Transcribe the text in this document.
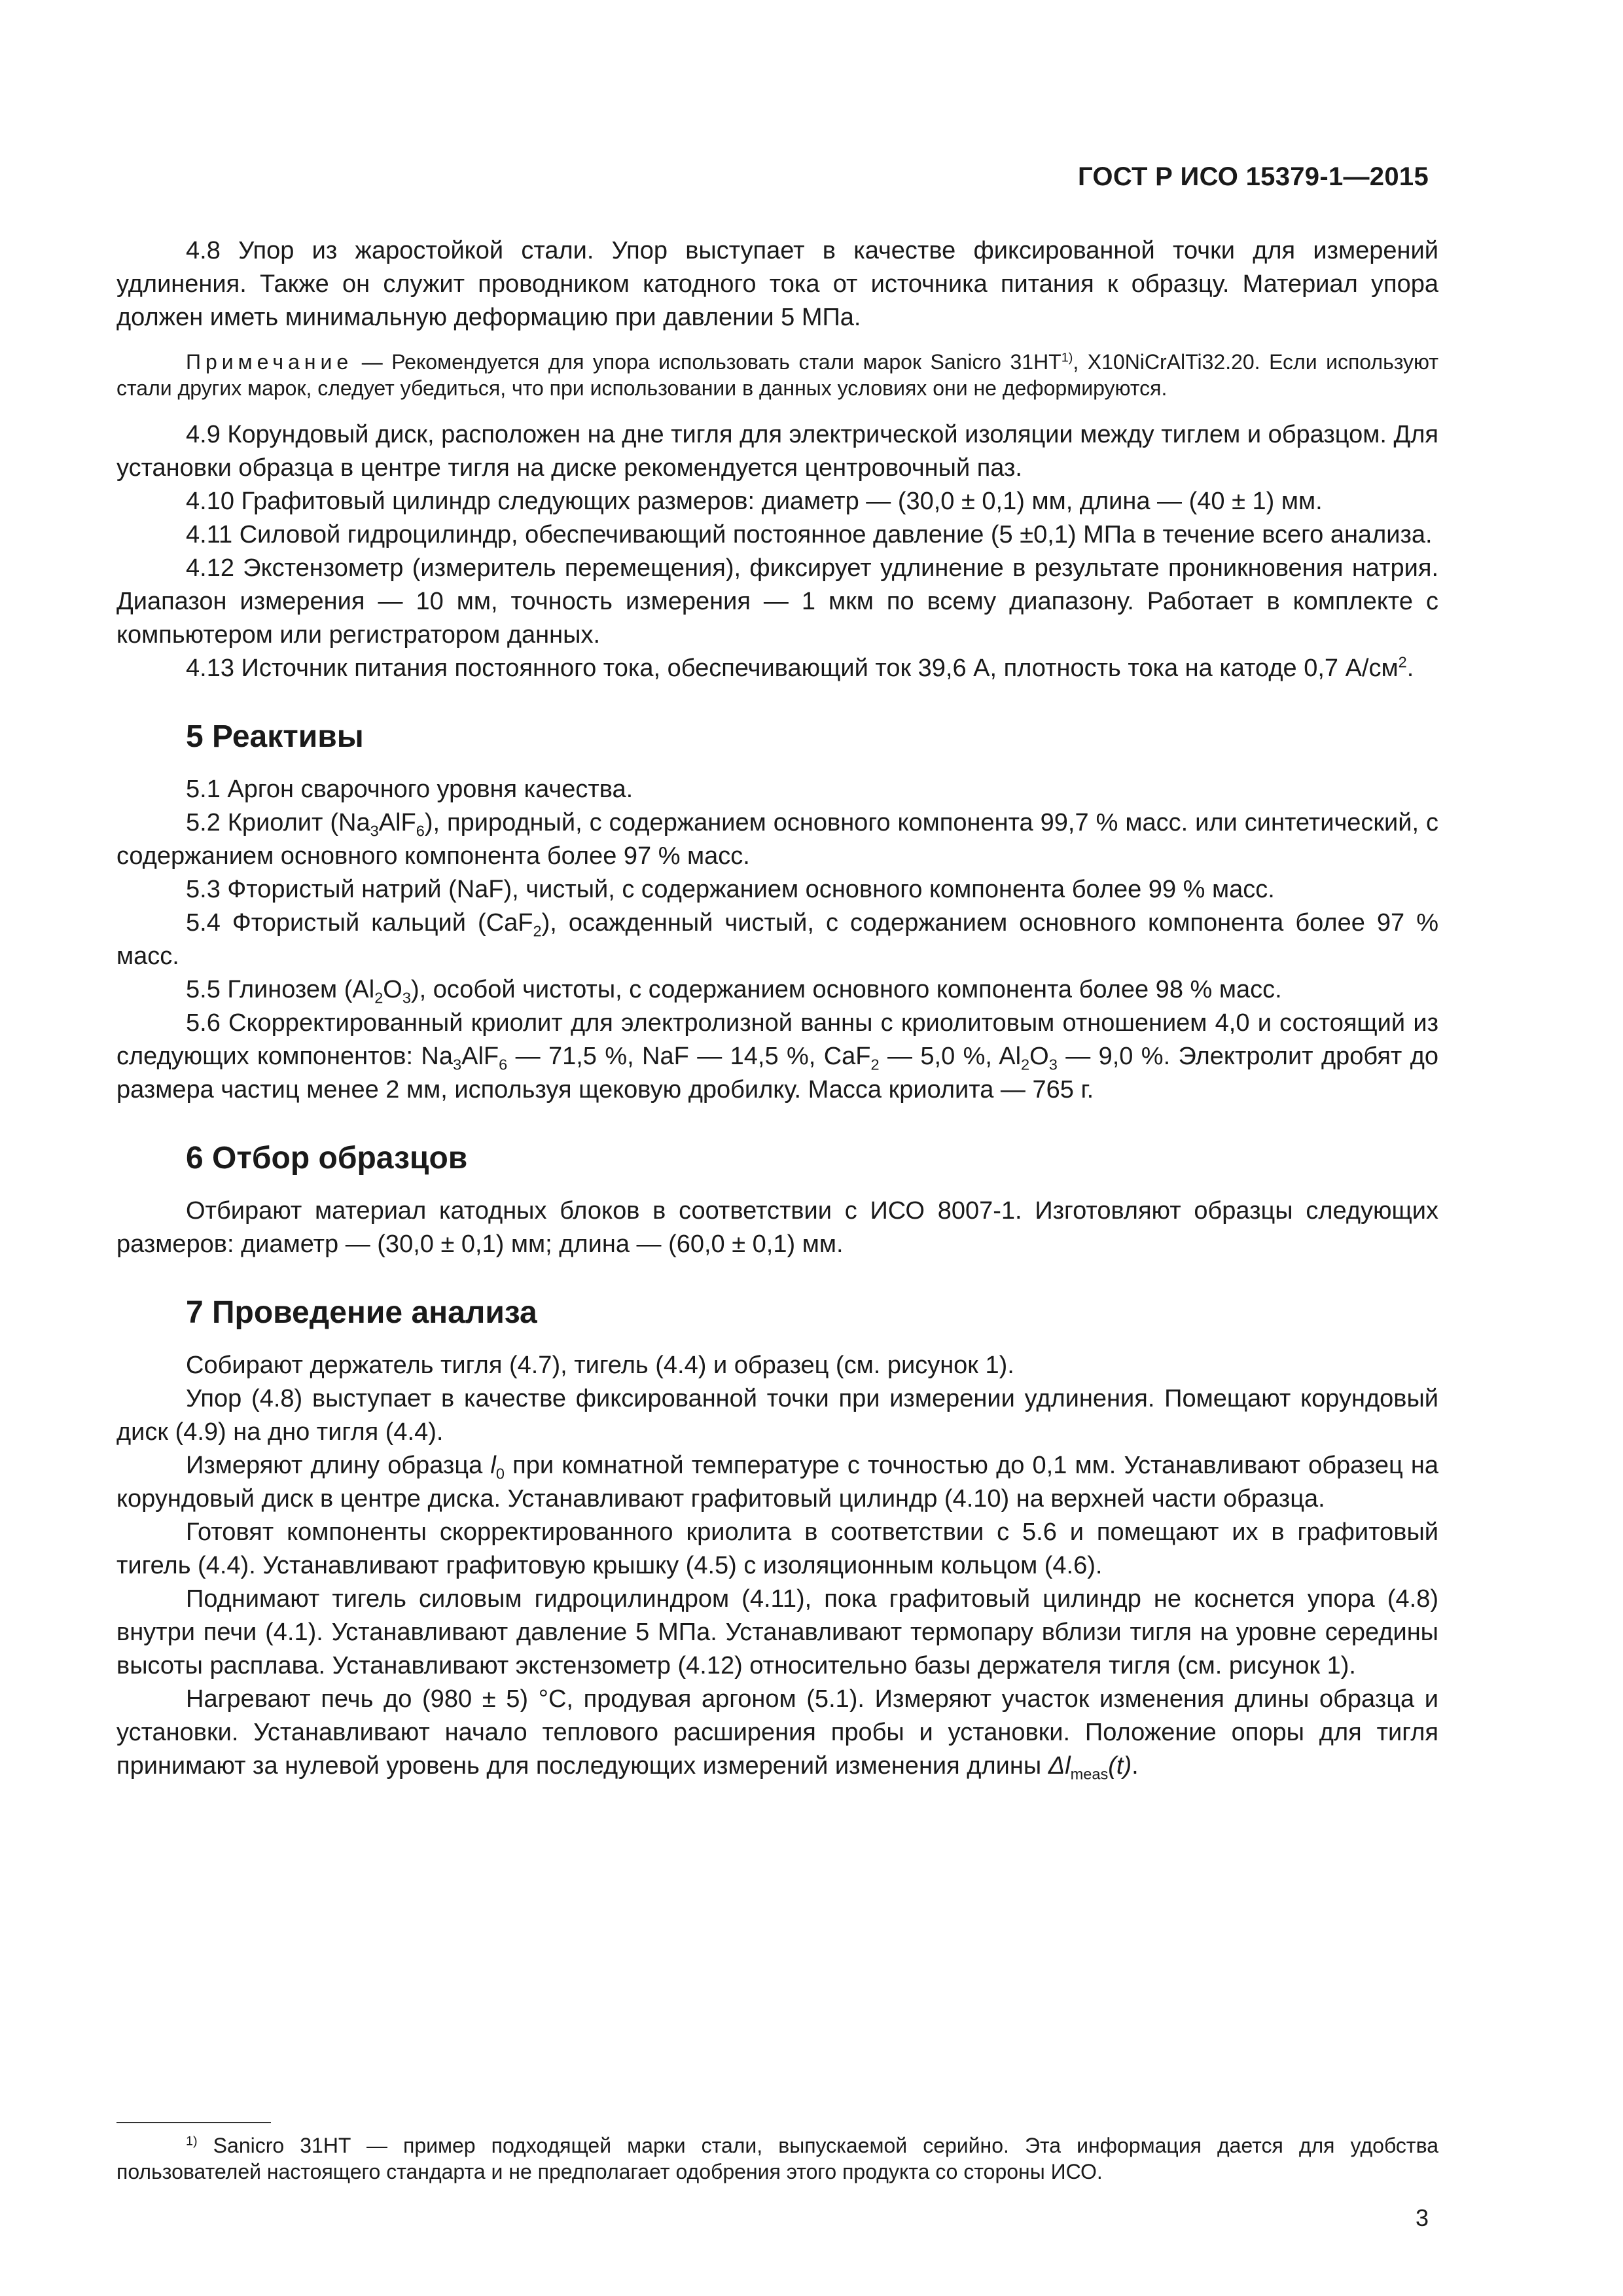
ГОСТ Р ИСО 15379-1—2015

4.8 Упор из жаростойкой стали. Упор выступает в качестве фиксированной точки для измерений удлинения. Также он служит проводником катодного тока от источника питания к образцу. Материал упора должен иметь минимальную деформацию при давлении 5 МПа.

Примечание — Рекомендуется для упора использовать стали марок Sanicro 31HT$^{1)}$, X10NiCrAlTi32.20. Если используют стали других марок, следует убедиться, что при использовании в данных условиях они не деформируются.

4.9 Корундовый диск, расположен на дне тигля для электрической изоляции между тиглем и образцом. Для установки образца в центре тигля на диске рекомендуется центровочный паз.

4.10 Графитовый цилиндр следующих размеров: диаметр — (30,0 ± 0,1) мм, длина — (40 ± 1) мм.

4.11 Силовой гидроцилиндр, обеспечивающий постоянное давление (5 ±0,1) МПа в течение всего анализа.

4.12 Экстензометр (измеритель перемещения), фиксирует удлинение в результате проникновения натрия. Диапазон измерения — 10 мм, точность измерения — 1 мкм по всему диапазону. Работает в комплекте с компьютером или регистратором данных.

4.13 Источник питания постоянного тока, обеспечивающий ток 39,6 А, плотность тока на катоде 0,7 $А/см^2$.

5 Реактивы

5.1 Аргон сварочного уровня качества.

5.2 Криолит $(Na_3AlF_6)$, природный, с содержанием основного компонента 99,7 % масс. или синтетический, с содержанием основного компонента более 97 % масс.

5.3 Фтористый натрий (NaF), чистый, с содержанием основного компонента более 99 % масс.

5.4 Фтористый кальций (CaF$_2$), осажденный чистый, с содержанием основного компонента более 97 % масс.

5.5 Глинозем $(Al_2O_3)$, особой чистоты, с содержанием основного компонента более 98 % масс.

5.6 Скорректированный криолит для электролизной ванны с криолитовым отношением 4,0 и состоящий из следующих компонентов: $Na_3AlF_6$ — 71,5 %, NaF — 14,5 %, CaF$_2$ — 5,0 %, $Al_2O_3$ — 9,0 %. Электролит дробят до размера частиц менее 2 мм, используя щековую дробилку. Масса криолита — 765 г.

6 Отбор образцов

Отбирают материал катодных блоков в соответствии с ИСО 8007-1. Изготовляют образцы следующих размеров: диаметр — (30,0 ± 0,1) мм; длина — (60,0 ± 0,1) мм.

7 Проведение анализа

Собирают держатель тигля (4.7), тигель (4.4) и образец (см. рисунок 1).

Упор (4.8) выступает в качестве фиксированной точки при измерении удлинения. Помещают корундовый диск (4.9) на дно тигля (4.4).

Измеряют длину образца $l_0$ при комнатной температуре с точностью до 0,1 мм. Устанавливают образец на корундовый диск в центре диска. Устанавливают графитовый цилиндр (4.10) на верхней части образца.

Готовят компоненты скорректированного криолита в соответствии с 5.6 и помещают их в графитовый тигель (4.4). Устанавливают графитовую крышку (4.5) с изоляционным кольцом (4.6).

Поднимают тигель силовым гидроцилиндром (4.11), пока графитовый цилиндр не коснется упора (4.8) внутри печи (4.1). Устанавливают давление 5 МПа. Устанавливают термопару вблизи тигля на уровне середины высоты расплава. Устанавливают экстензометр (4.12) относительно базы держателя тигля (см. рисунок 1).

Нагревают печь до (980 ± 5) °С, продувая аргоном (5.1). Измеряют участок изменения длины образца и установки. Устанавливают начало теплового расширения пробы и установки. Положение опоры для тигля принимают за нулевой уровень для последующих измерений изменения длины $\Delta l_{meas}(t)$.

$^{1)}$ Sanicro 31HT — пример подходящей марки стали, выпускаемой серийно. Эта информация дается для удобства пользователей настоящего стандарта и не предполагает одобрения этого продукта со стороны ИСО.
3
